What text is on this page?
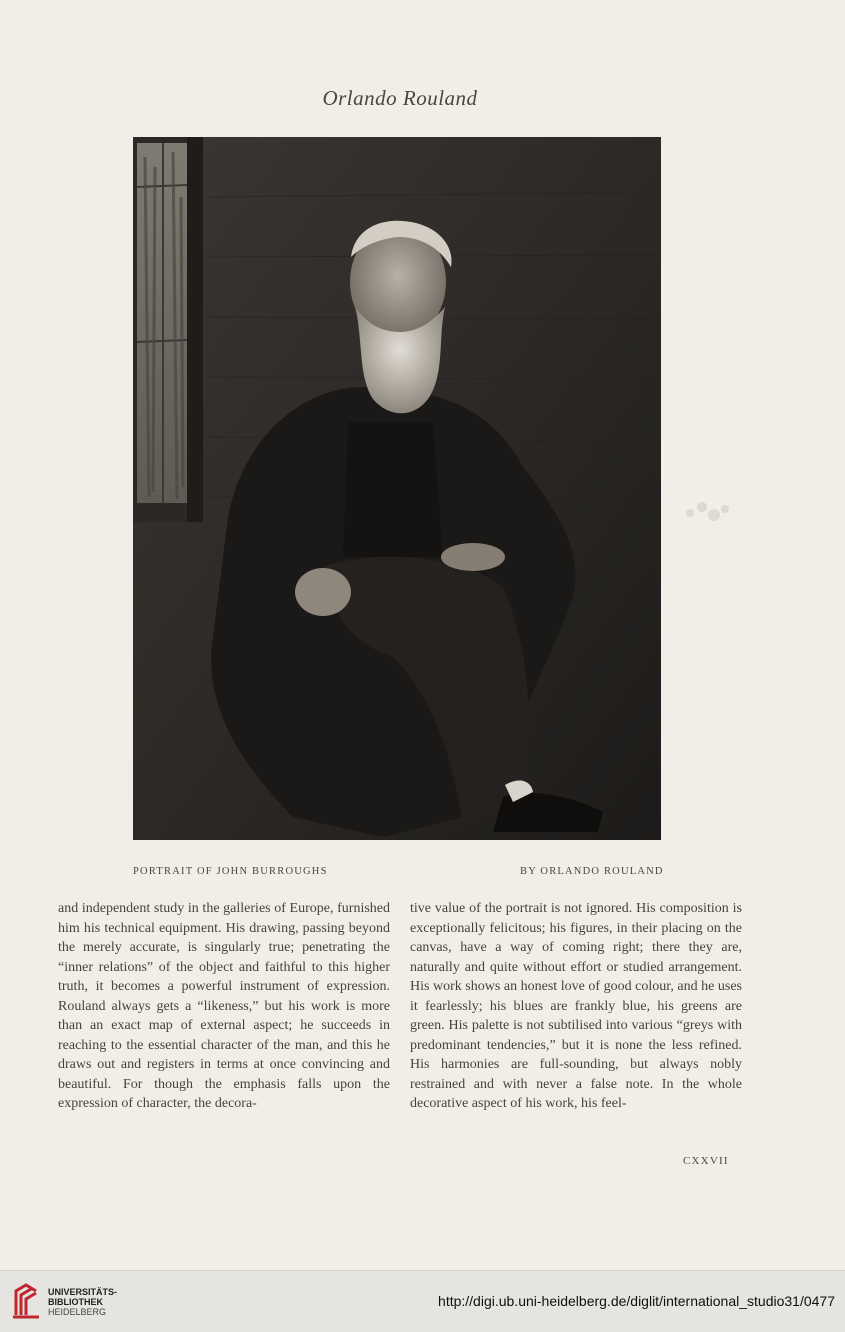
Orlando Rouland
PORTRAIT OF JOHN BURROUGHS	BY ORLANDO ROULAND

and independent study in the galleries of Europe, furnished him his technical equipment. His drawing, passing beyond the merely accurate, is singularly true; penetrating the “inner relations” of the object and faithful to this higher truth, it becomes a powerful instrument of expression. Rouland always gets a “likeness,” but his work is more than an exact map of external aspect; he succeeds in reaching to the essential character of the man, and this he draws out and registers in terms at once convincing and beautiful. For though the emphasis falls upon the expression of character, the decora-

tive value of the portrait is not ignored. His composition is exceptionally felicitous; his figures, in their placing on the canvas, have a way of coming right; there they are, naturally and quite without effort or studied arrangement. His work shows an honest love of good colour, and he uses it fearlessly; his blues are frankly blue, his greens are green. His palette is not subtilised into various “greys with predominant tendencies,” but it is none the less refined. His harmonies are full-sounding, but always nobly restrained and with never a false note. In the whole decorative aspect of his work, his feel-

CXXVII
UNIVERSITÄTS-
BIBLIOTHEK
HEIDELBERG
http://digi.ub.uni-heidelberg.de/diglit/international_studio31/0477
